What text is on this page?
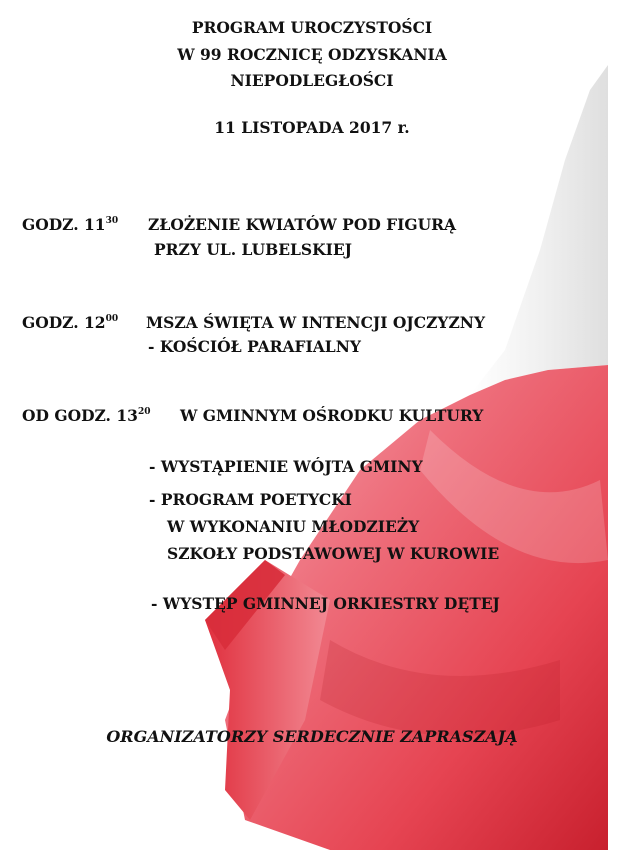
PROGRAM UROCZYSTOŚCI
W 99 ROCZNICĘ ODZYSKANIA
NIEPODLEGŁOŚCI
11 LISTOPADA 2017 r.
GODZ. $11^{30}$ ZŁOŻENIE KWIATÓW POD FIGURĄ
PRZY UL. LUBELSKIEJ
GODZ. $12^{00}$ MSZA ŚWIĘTA W INTENCJI OJCZYZNY
- KOŚCIÓŁ PARAFIALNY
OD GODZ. $13^{20}$ W GMINNYM OŚRODKU KULTURY
- WYSTĄPIENIE WÓJTA GMINY
- PROGRAM POETYCKI
W WYKONANIU MŁODZIEŻY
SZKOŁY PODSTAWOWEJ W KUROWIE
- WYSTĘP GMINNEJ ORKIESTRY DĘTEJ
ORGANIZATORZY SERDECZNIE ZAPRASZAJĄ
